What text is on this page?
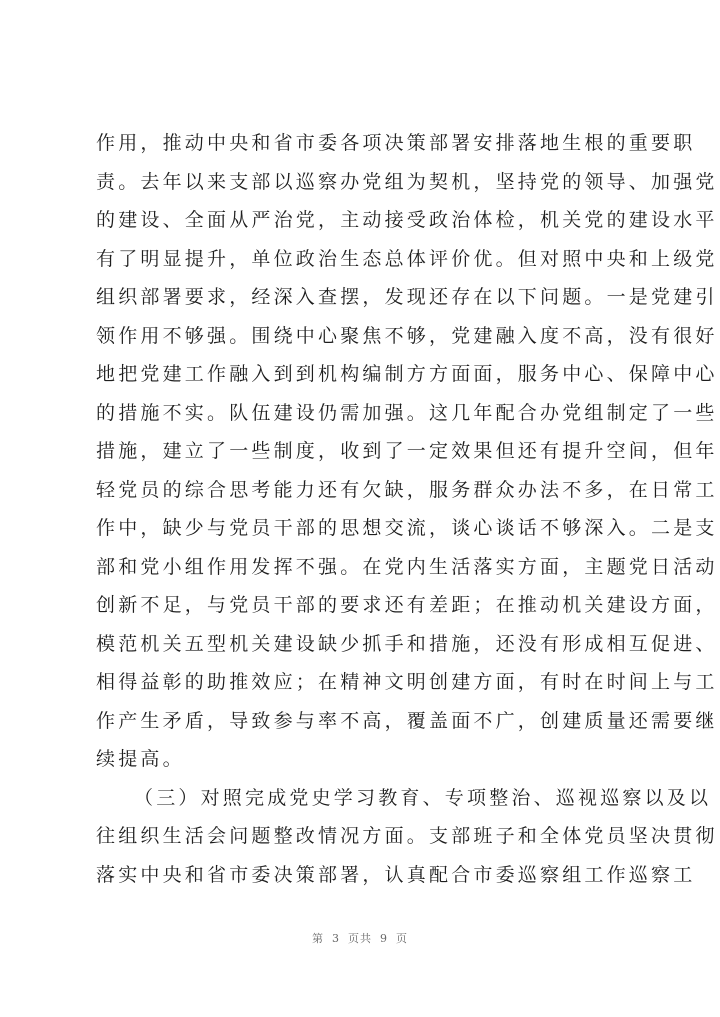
作用，推动中央和省市委各项决策部署安排落地生根的重要职
责。去年以来支部以巡察办党组为契机，坚持党的领导、加强党
的建设、全面从严治党，主动接受政治体检，机关党的建设水平
有了明显提升，单位政治生态总体评价优。但对照中央和上级党
组织部署要求，经深入查摆，发现还存在以下问题。一是党建引
领作用不够强。围绕中心聚焦不够，党建融入度不高，没有很好
地把党建工作融入到到机构编制方方面面，服务中心、保障中心
的措施不实。队伍建设仍需加强。这几年配合办党组制定了一些
措施，建立了一些制度，收到了一定效果但还有提升空间，但年
轻党员的综合思考能力还有欠缺，服务群众办法不多，在日常工
作中，缺少与党员干部的思想交流，谈心谈话不够深入。二是支
部和党小组作用发挥不强。在党内生活落实方面，主题党日活动
创新不足，与党员干部的要求还有差距；在推动机关建设方面，
模范机关五型机关建设缺少抓手和措施，还没有形成相互促进、
相得益彰的助推效应；在精神文明创建方面，有时在时间上与工
作产生矛盾，导致参与率不高，覆盖面不广，创建质量还需要继
续提高。
（三）对照完成党史学习教育、专项整治、巡视巡察以及以
往组织生活会问题整改情况方面。支部班子和全体党员坚决贯彻
落实中央和省市委决策部署，认真配合市委巡察组工作巡察工
第 3 页共 9 页
